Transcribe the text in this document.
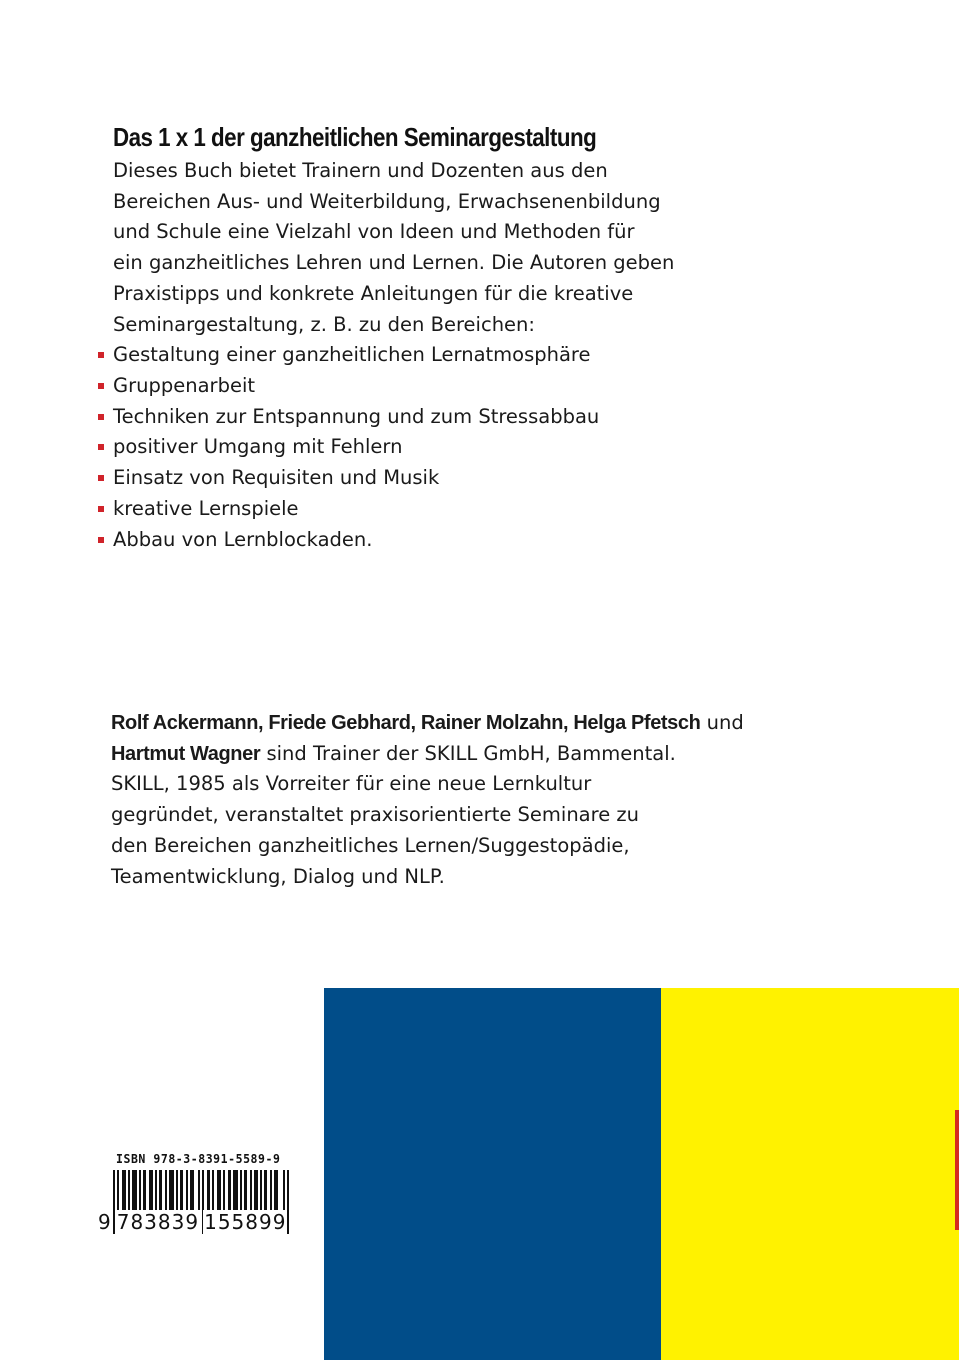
Das 1 x 1 der ganzheitlichen Seminargestaltung

Dieses Buch bietet Trainern und Dozenten aus den
Bereichen Aus- und Weiterbildung, Erwachsenenbildung
und Schule eine Vielzahl von Ideen und Methoden für
ein ganzheitliches Lehren und Lernen. Die Autoren geben
Praxistipps und konkrete Anleitungen für die kreative
Seminargestaltung, z. B. zu den Bereichen:

Gestaltung einer ganzheitlichen Lernatmosphäre
Gruppenarbeit
Techniken zur Entspannung und zum Stressabbau
positiver Umgang mit Fehlern
Einsatz von Requisiten und Musik
kreative Lernspiele
Abbau von Lernblockaden.

Rolf Ackermann, Friede Gebhard, Rainer Molzahn, Helga Pfetsch und
Hartmut Wagner sind Trainer der SKILL GmbH, Bammental.
SKILL, 1985 als Vorreiter für eine neue Lernkultur
gegründet, veranstaltet praxisorientierte Seminare zu
den Bereichen ganzheitliches Lernen/Suggestopädie,
Teamentwicklung, Dialog und NLP.

ISBN 978-3-8391-5589-9
9 783839 155899
